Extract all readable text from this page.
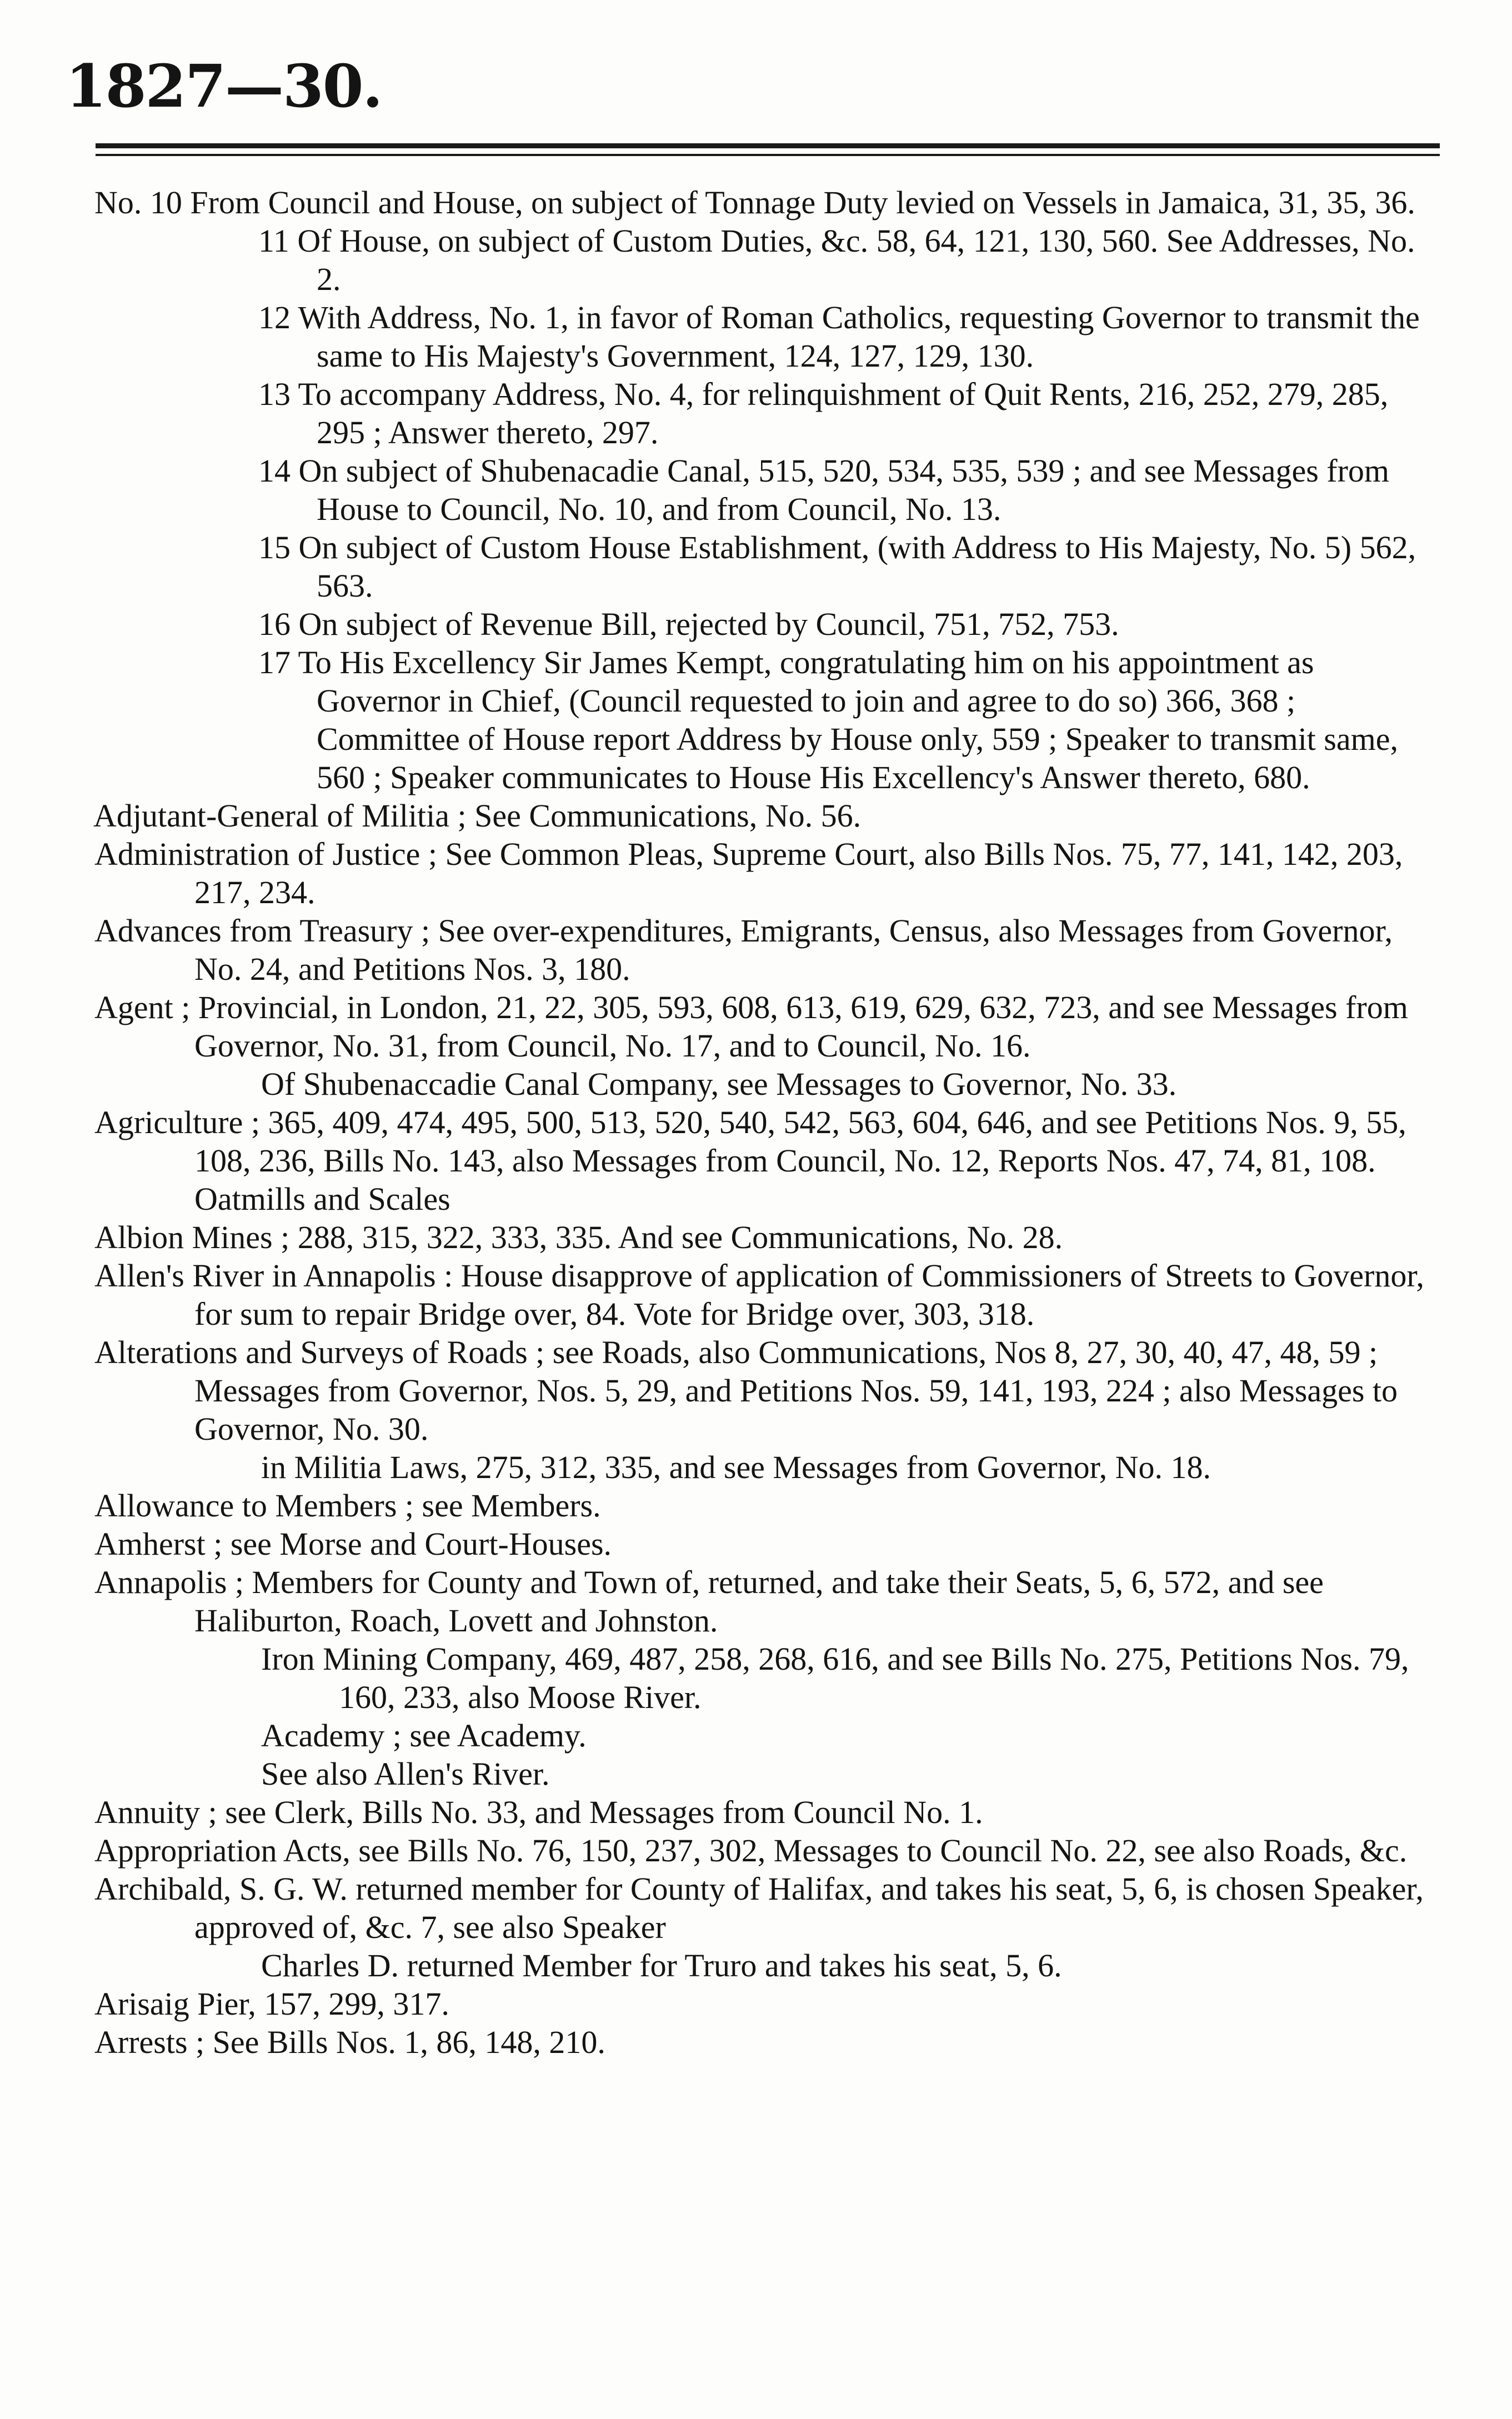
1827—30.
No. 10 From Council and House, on subject of Tonnage Duty levied on Vessels in Jamaica, 31, 35, 36.
11 Of House, on subject of Custom Duties, &c. 58, 64, 121, 130, 560. See Addresses, No. 2.
12 With Address, No. 1, in favor of Roman Catholics, requesting Governor to transmit the same to His Majesty's Government, 124, 127, 129, 130.
13 To accompany Address, No. 4, for relinquishment of Quit Rents, 216, 252, 279, 285, 295 ; Answer thereto, 297.
14 On subject of Shubenacadie Canal, 515, 520, 534, 535, 539 ; and see Messages from House to Council, No. 10, and from Council, No. 13.
15 On subject of Custom House Establishment, (with Address to His Majesty, No. 5) 562, 563.
16 On subject of Revenue Bill, rejected by Council, 751, 752, 753.
17 To His Excellency Sir James Kempt, congratulating him on his appointment as Governor in Chief, (Council requested to join and agree to do so) 366, 368 ; Committee of House report Address by House only, 559 ; Speaker to transmit same, 560 ; Speaker communicates to House His Excellency's Answer thereto, 680.
Adjutant-General of Militia ; See Communications, No. 56.
Administration of Justice ; See Common Pleas, Supreme Court, also Bills Nos. 75, 77, 141, 142, 203, 217, 234.
Advances from Treasury ; See over-expenditures, Emigrants, Census, also Messages from Governor, No. 24, and Petitions Nos. 3, 180.
Agent ; Provincial, in London, 21, 22, 305, 593, 608, 613, 619, 629, 632, 723, and see Messages from Governor, No. 31, from Council, No. 17, and to Council, No. 16.
Of Shubenaccadie Canal Company, see Messages to Governor, No. 33.
Agriculture ; 365, 409, 474, 495, 500, 513, 520, 540, 542, 563, 604, 646, and see Petitions Nos. 9, 55, 108, 236, Bills No. 143, also Messages from Council, No. 12, Reports Nos. 47, 74, 81, 108. Oatmills and Scales
Albion Mines ; 288, 315, 322, 333, 335. And see Communications, No. 28.
Allen's River in Annapolis : House disapprove of application of Commissioners of Streets to Governor, for sum to repair Bridge over, 84. Vote for Bridge over, 303, 318.
Alterations and Surveys of Roads ; see Roads, also Communications, Nos 8, 27, 30, 40, 47, 48, 59 ; Messages from Governor, Nos. 5, 29, and Petitions Nos. 59, 141, 193, 224 ; also Messages to Governor, No. 30.
in Militia Laws, 275, 312, 335, and see Messages from Governor, No. 18.
Allowance to Members ; see Members.
Amherst ; see Morse and Court-Houses.
Annapolis ; Members for County and Town of, returned, and take their Seats, 5, 6, 572, and see Haliburton, Roach, Lovett and Johnston.
Iron Mining Company, 469, 487, 258, 268, 616, and see Bills No. 275, Petitions Nos. 79, 160, 233, also Moose River.
Academy ; see Academy.
See also Allen's River.
Annuity ; see Clerk, Bills No. 33, and Messages from Council No. 1.
Appropriation Acts, see Bills No. 76, 150, 237, 302, Messages to Council No. 22, see also Roads, &c.
Archibald, S. G. W. returned member for County of Halifax, and takes his seat, 5, 6, is chosen Speaker, approved of, &c. 7, see also Speaker
Charles D. returned Member for Truro and takes his seat, 5, 6.
Arisaig Pier, 157, 299, 317.
Arrests ; See Bills Nos. 1, 86, 148, 210.
